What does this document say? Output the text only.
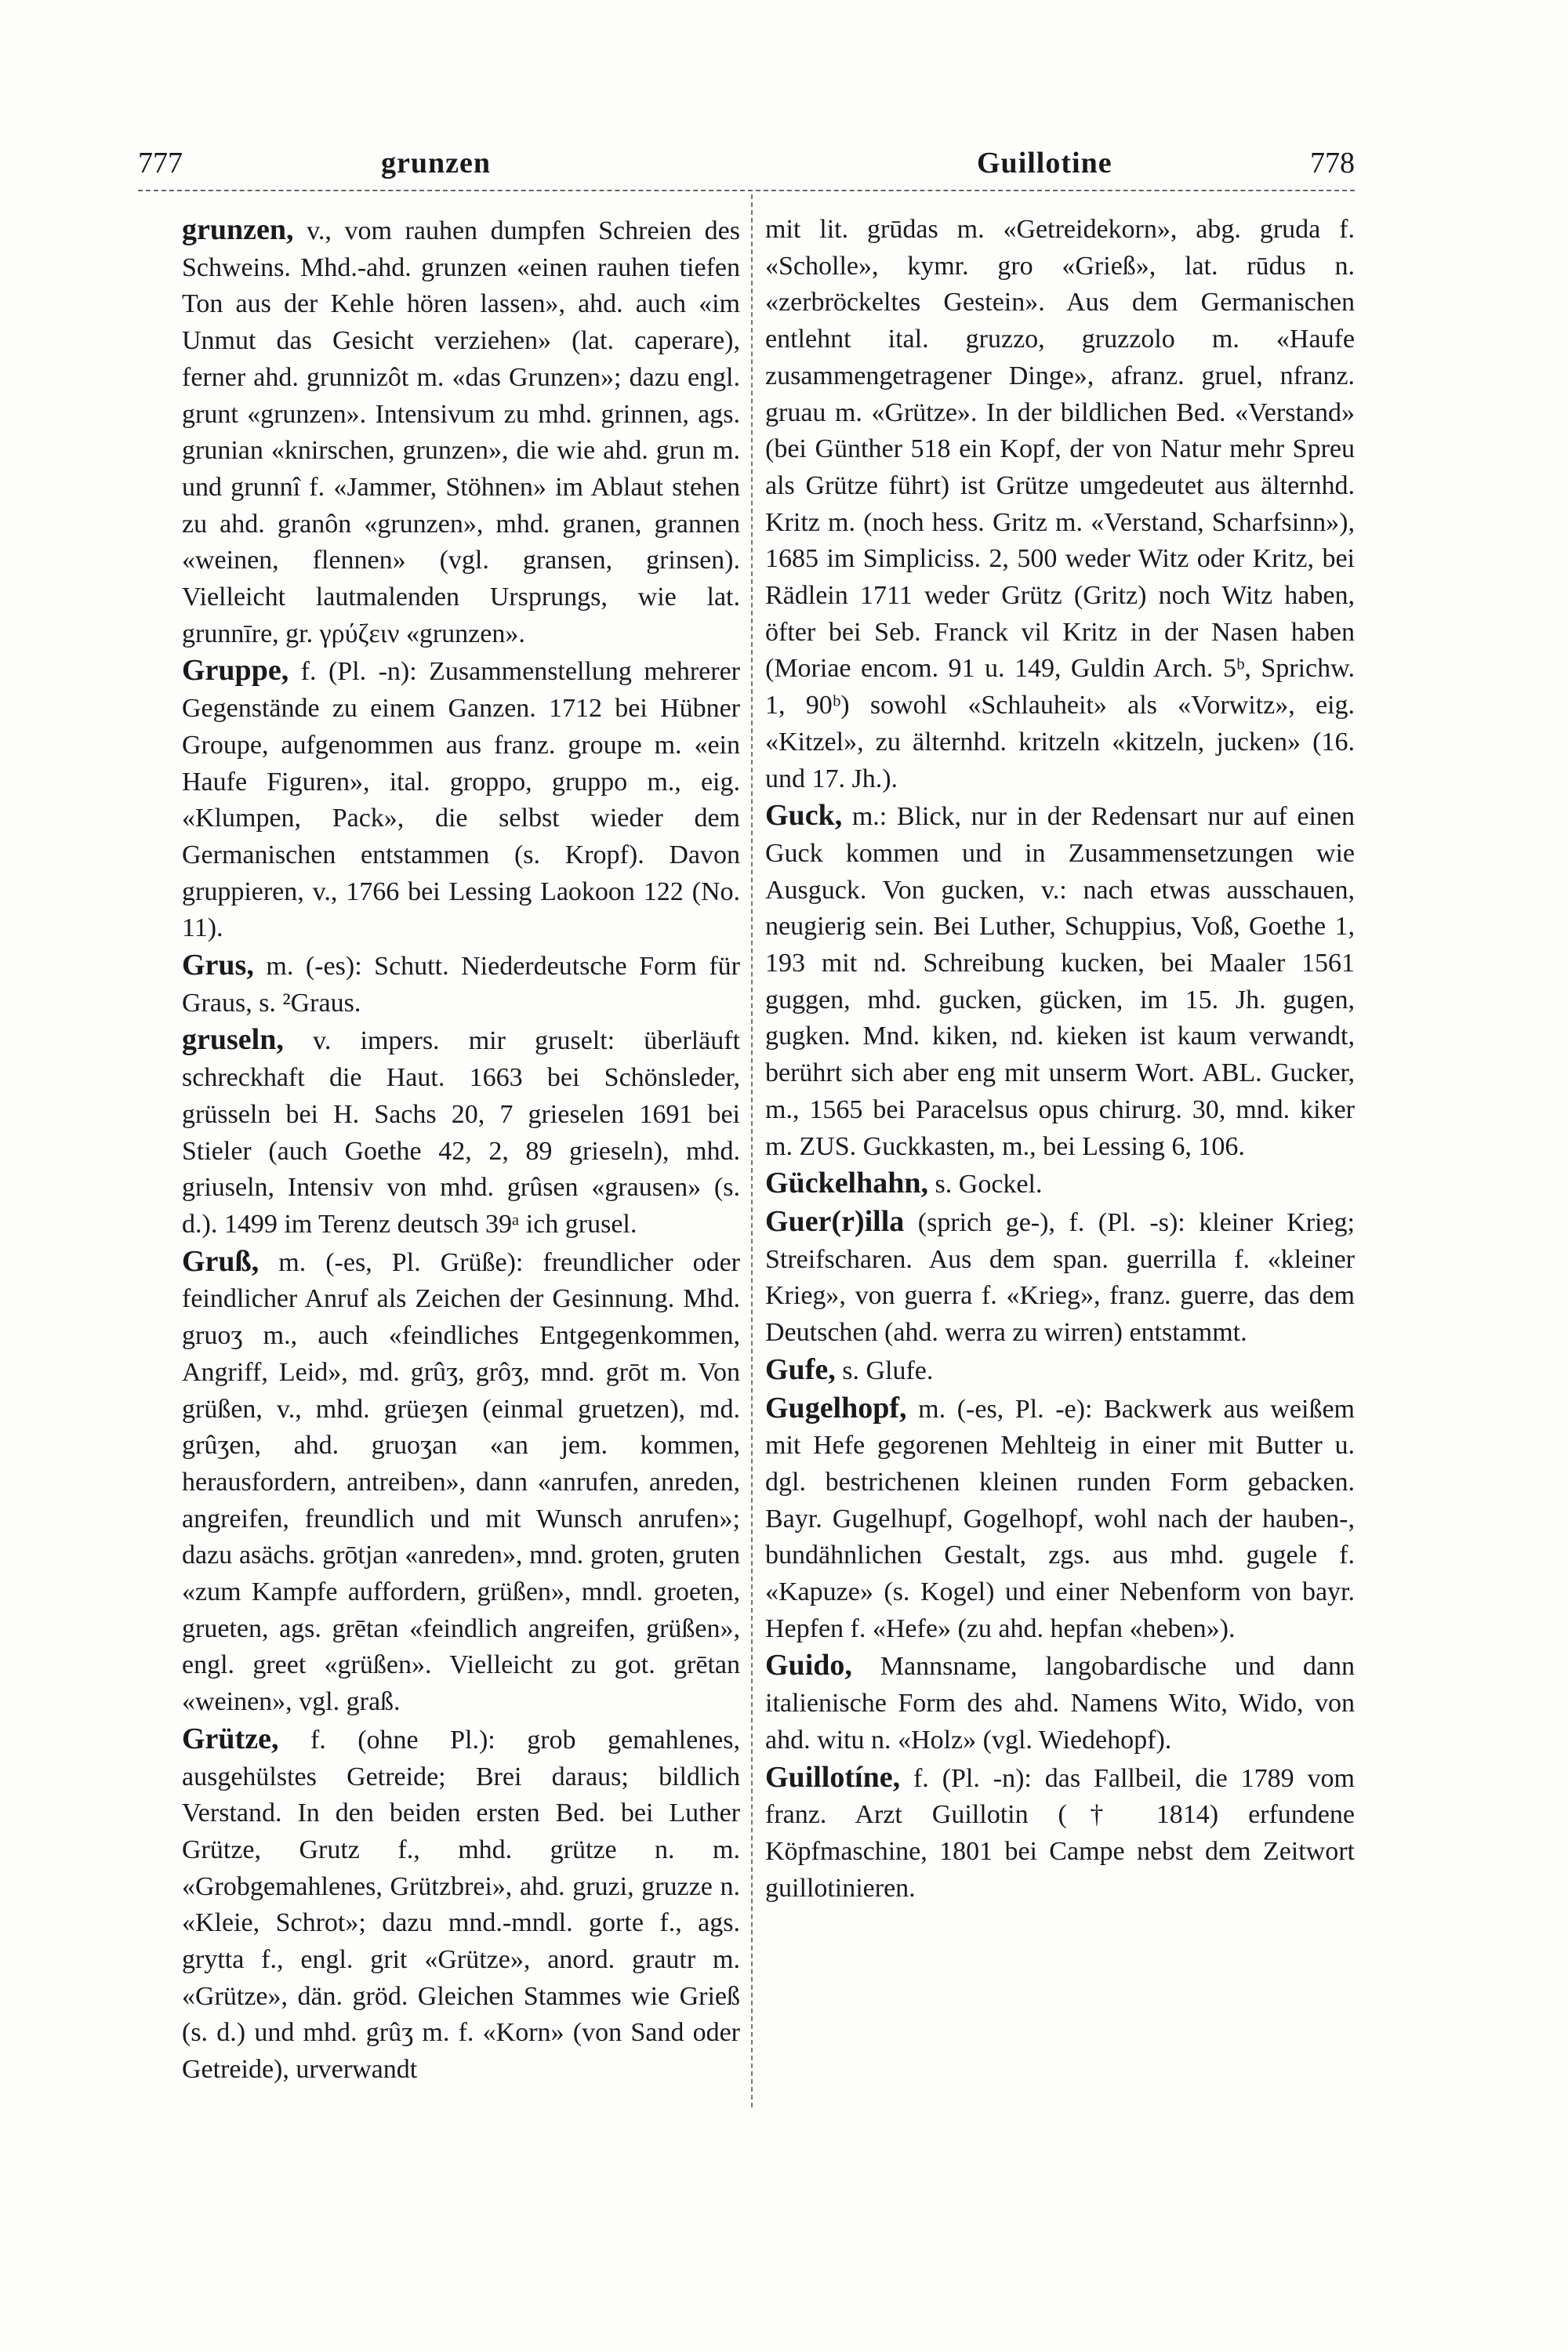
777	grunzen	Guillotine	778

grunzen, v., vom rauhen dumpfen Schreien des Schweins. Mhd.-ahd. grunzen «einen rauhen tiefen Ton aus der Kehle hören lassen», ahd. auch «im Unmut das Gesicht verziehen» (lat. caperare), ferner ahd. grunnizôt m. «das Grunzen»; dazu engl. grunt «grunzen». Intensivum zu mhd. grinnen, ags. grunian «knirschen, grunzen», die wie ahd. grun m. und grunnî f. «Jammer, Stöhnen» im Ablaut stehen zu ahd. granôn «grunzen», mhd. granen, grannen «weinen, flennen» (vgl. gransen, grinsen). Vielleicht lautmalenden Ursprungs, wie lat. grunnīre, gr. γρύζειν «grunzen».

Gruppe, f. (Pl. -n): Zusammenstellung mehrerer Gegenstände zu einem Ganzen. 1712 bei Hübner Groupe, aufgenommen aus franz. groupe m. «ein Haufe Figuren», ital. groppo, gruppo m., eig. «Klumpen, Pack», die selbst wieder dem Germanischen entstammen (s. Kropf). Davon gruppieren, v., 1766 bei Lessing Laokoon 122 (No. 11).

Grus, m. (-es): Schutt. Niederdeutsche Form für Graus, s. ²Graus.

gruseln, v. impers. mir gruselt: überläuft schreckhaft die Haut. 1663 bei Schönsleder, grüsseln bei H. Sachs 20, 7 grieselen 1691 bei Stieler (auch Goethe 42, 2, 89 grieseln), mhd. griuseln, Intensiv von mhd. grûsen «grausen» (s. d.). 1499 im Terenz deutsch 39ᵃ ich grusel.

Gruß, m. (-es, Pl. Grüße): freundlicher oder feindlicher Anruf als Zeichen der Gesinnung. Mhd. gruoʒ m., auch «feindliches Entgegenkommen, Angriff, Leid», md. grûʒ, grôʒ, mnd. grōt m. Von grüßen, v., mhd. grüeʒen (einmal gruetzen), md. grûʒen, ahd. gruoʒan «an jem. kommen, herausfordern, antreiben», dann «anrufen, anreden, angreifen, freundlich und mit Wunsch anrufen»; dazu asächs. grōtjan «anreden», mnd. groten, gruten «zum Kampfe auffordern, grüßen», mndl. groeten, grueten, ags. grētan «feindlich angreifen, grüßen», engl. greet «grüßen». Vielleicht zu got. grētan «weinen», vgl. graß.

Grütze, f. (ohne Pl.): grob gemahlenes, ausgehülstes Getreide; Brei daraus; bildlich Verstand. In den beiden ersten Bed. bei Luther Grütze, Grutz f., mhd. grütze n. m. «Grobgemahlenes, Grützbrei», ahd. gruzi, gruzze n. «Kleie, Schrot»; dazu mnd.-mndl. gorte f., ags. grytta f., engl. grit «Grütze», anord. grautr m. «Grütze», dän. gröd. Gleichen Stammes wie Grieß (s. d.) und mhd. grûʒ m. f. «Korn» (von Sand oder Getreide), urverwandt

mit lit. grūdas m. «Getreidekorn», abg. gruda f. «Scholle», kymr. gro «Grieß», lat. rūdus n. «zerbröckeltes Gestein». Aus dem Germanischen entlehnt ital. gruzzo, gruzzolo m. «Haufe zusammengetragener Dinge», afranz. gruel, nfranz. gruau m. «Grütze». In der bildlichen Bed. «Verstand» (bei Günther 518 ein Kopf, der von Natur mehr Spreu als Grütze führt) ist Grütze umgedeutet aus älternhd. Kritz m. (noch hess. Gritz m. «Verstand, Scharfsinn»), 1685 im Simpliciss. 2, 500 weder Witz oder Kritz, bei Rädlein 1711 weder Grütz (Gritz) noch Witz haben, öfter bei Seb. Franck vil Kritz in der Nasen haben (Moriae encom. 91 u. 149, Guldin Arch. 5ᵇ, Sprichw. 1, 90ᵇ) sowohl «Schlauheit» als «Vorwitz», eig. «Kitzel», zu älternhd. kritzeln «kitzeln, jucken» (16. und 17. Jh.).

Guck, m.: Blick, nur in der Redensart nur auf einen Guck kommen und in Zusammensetzungen wie Ausguck. Von gucken, v.: nach etwas ausschauen, neugierig sein. Bei Luther, Schuppius, Voß, Goethe 1, 193 mit nd. Schreibung kucken, bei Maaler 1561 guggen, mhd. gucken, gücken, im 15. Jh. gugen, gugken. Mnd. kiken, nd. kieken ist kaum verwandt, berührt sich aber eng mit unserm Wort. ABL. Gucker, m., 1565 bei Paracelsus opus chirurg. 30, mnd. kiker m. ZUS. Guckkasten, m., bei Lessing 6, 106.

Gückelhahn, s. Gockel.

Guer(r)illa (sprich ge-), f. (Pl. -s): kleiner Krieg; Streifscharen. Aus dem span. guerrilla f. «kleiner Krieg», von guerra f. «Krieg», franz. guerre, das dem Deutschen (ahd. werra zu wirren) entstammt.

Gufe, s. Glufe.

Gugelhopf, m. (-es, Pl. -e): Backwerk aus weißem mit Hefe gegorenen Mehlteig in einer mit Butter u. dgl. bestrichenen kleinen runden Form gebacken. Bayr. Gugelhupf, Gogelhopf, wohl nach der hauben-, bundähnlichen Gestalt, zgs. aus mhd. gugele f. «Kapuze» (s. Kogel) und einer Nebenform von bayr. Hepfen f. «Hefe» (zu ahd. hepfan «heben»).

Guido, Mannsname, langobardische und dann italienische Form des ahd. Namens Wito, Wido, von ahd. witu n. «Holz» (vgl. Wiedehopf).

Guillotíne, f. (Pl. -n): das Fallbeil, die 1789 vom franz. Arzt Guillotin († 1814) erfundene Köpfmaschine, 1801 bei Campe nebst dem Zeitwort guillotinieren.
